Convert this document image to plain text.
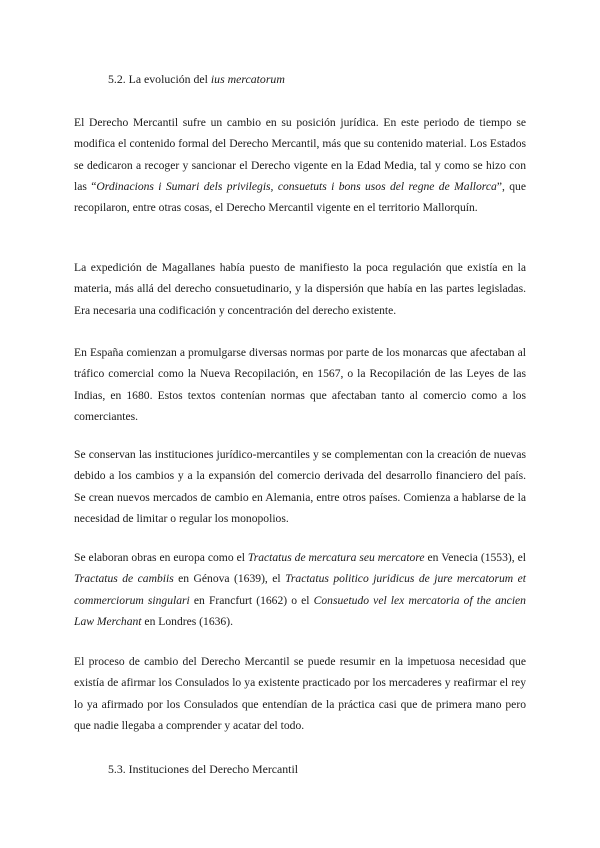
5.2. La evolución del ius mercatorum

El Derecho Mercantil sufre un cambio en su posición jurídica. En este periodo de tiempo se modifica el contenido formal del Derecho Mercantil, más que su contenido material. Los Estados se dedicaron a recoger y sancionar el Derecho vigente en la Edad Media, tal y como se hizo con las “Ordinacions i Sumari dels privilegis, consuetuts i bons usos del regne de Mallorca”, que recopilaron, entre otras cosas, el Derecho Mercantil vigente en el territorio Mallorquín.

La expedición de Magallanes había puesto de manifiesto la poca regulación que existía en la materia, más allá del derecho consuetudinario, y la dispersión que había en las partes legisladas. Era necesaria una codificación y concentración del derecho existente.

En España comienzan a promulgarse diversas normas por parte de los monarcas que afectaban al tráfico comercial como la Nueva Recopilación, en 1567, o la Recopilación de las Leyes de las Indias, en 1680. Estos textos contenían normas que afectaban tanto al comercio como a los comerciantes.

Se conservan las instituciones jurídico-mercantiles y se complementan con la creación de nuevas debido a los cambios y a la expansión del comercio derivada del desarrollo financiero del país. Se crean nuevos mercados de cambio en Alemania, entre otros países. Comienza a hablarse de la necesidad de limitar o regular los monopolios.

Se elaboran obras en europa como el Tractatus de mercatura seu mercatore en Venecia (1553), el Tractatus de cambiis en Génova (1639), el Tractatus politico juridicus de jure mercatorum et commerciorum singulari en Francfurt (1662) o el Consuetudo vel lex mercatoria of the ancien Law Merchant en Londres (1636).

El proceso de cambio del Derecho Mercantil se puede resumir en la impetuosa necesidad que existía de afirmar los Consulados lo ya existente practicado por los mercaderes y reafirmar el rey lo ya afirmado por los Consulados que entendían de la práctica casi que de primera mano pero que nadie llegaba a comprender y acatar del todo.

5.3. Instituciones del Derecho Mercantil
